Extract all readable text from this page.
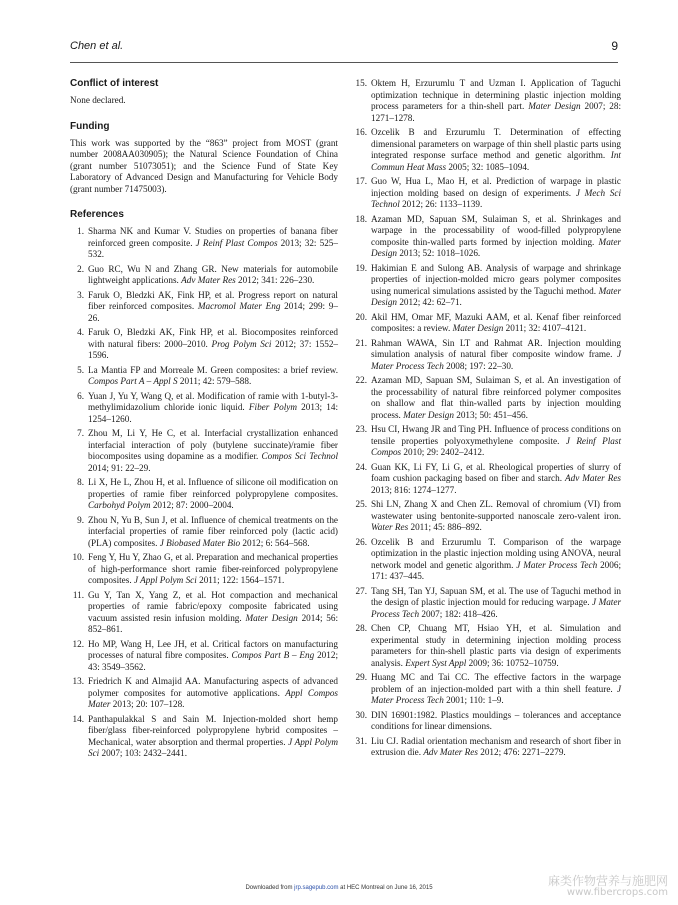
Chen et al.	9
Conflict of interest

None declared.

Funding

This work was supported by the “863” project from MOST (grant number 2008AA030905); the Natural Science Foundation of China (grant number 51073051); and the Science Fund of State Key Laboratory of Advanced Design and Manufacturing for Vehicle Body (grant number 71475003).

References
1. Sharma NK and Kumar V. Studies on properties of banana fiber reinforced green composite. J Reinf Plast Compos 2013; 32: 525–532.
2. Guo RC, Wu N and Zhang GR. New materials for automobile lightweight applications. Adv Mater Res 2012; 341: 226–230.
3. Faruk O, Bledzki AK, Fink HP, et al. Progress report on natural fiber reinforced composites. Macromol Mater Eng 2014; 299: 9–26.
4. Faruk O, Bledzki AK, Fink HP, et al. Biocomposites reinforced with natural fibers: 2000–2010. Prog Polym Sci 2012; 37: 1552–1596.
5. La Mantia FP and Morreale M. Green composites: a brief review. Compos Part A – Appl S 2011; 42: 579–588.
6. Yuan J, Yu Y, Wang Q, et al. Modification of ramie with 1-butyl-3-methylimidazolium chloride ionic liquid. Fiber Polym 2013; 14: 1254–1260.
7. Zhou M, Li Y, He C, et al. Interfacial crystallization enhanced interfacial interaction of poly (butylene succinate)/ramie fiber biocomposites using dopamine as a modifier. Compos Sci Technol 2014; 91: 22–29.
8. Li X, He L, Zhou H, et al. Influence of silicone oil modification on properties of ramie fiber reinforced polypropylene composites. Carbohyd Polym 2012; 87: 2000–2004.
9. Zhou N, Yu B, Sun J, et al. Influence of chemical treatments on the interfacial properties of ramie fiber reinforced poly (lactic acid)(PLA) composites. J Biobased Mater Bio 2012; 6: 564–568.
10. Feng Y, Hu Y, Zhao G, et al. Preparation and mechanical properties of high-performance short ramie fiber-reinforced polypropylene composites. J Appl Polym Sci 2011; 122: 1564–1571.
11. Gu Y, Tan X, Yang Z, et al. Hot compaction and mechanical properties of ramie fabric/epoxy composite fabricated using vacuum assisted resin infusion molding. Mater Design 2014; 56: 852–861.
12. Ho MP, Wang H, Lee JH, et al. Critical factors on manufacturing processes of natural fibre composites. Compos Part B – Eng 2012; 43: 3549–3562.
13. Friedrich K and Almajid AA. Manufacturing aspects of advanced polymer composites for automotive applications. Appl Compos Mater 2013; 20: 107–128.
14. Panthapulakkal S and Sain M. Injection-molded short hemp fiber/glass fiber-reinforced polypropylene hybrid composites – Mechanical, water absorption and thermal properties. J Appl Polym Sci 2007; 103: 2432–2441.
15. Oktem H, Erzurumlu T and Uzman I. Application of Taguchi optimization technique in determining plastic injection molding process parameters for a thin-shell part. Mater Design 2007; 28: 1271–1278.
16. Ozcelik B and Erzurumlu T. Determination of effecting dimensional parameters on warpage of thin shell plastic parts using integrated response surface method and genetic algorithm. Int Commun Heat Mass 2005; 32: 1085–1094.
17. Guo W, Hua L, Mao H, et al. Prediction of warpage in plastic injection molding based on design of experiments. J Mech Sci Technol 2012; 26: 1133–1139.
18. Azaman MD, Sapuan SM, Sulaiman S, et al. Shrinkages and warpage in the processability of wood-filled polypropylene composite thin-walled parts formed by injection molding. Mater Design 2013; 52: 1018–1026.
19. Hakimian E and Sulong AB. Analysis of warpage and shrinkage properties of injection-molded micro gears polymer composites using numerical simulations assisted by the Taguchi method. Mater Design 2012; 42: 62–71.
20. Akil HM, Omar MF, Mazuki AAM, et al. Kenaf fiber reinforced composites: a review. Mater Design 2011; 32: 4107–4121.
21. Rahman WAWA, Sin LT and Rahmat AR. Injection moulding simulation analysis of natural fiber composite window frame. J Mater Process Tech 2008; 197: 22–30.
22. Azaman MD, Sapuan SM, Sulaiman S, et al. An investigation of the processability of natural fibre reinforced polymer composites on shallow and flat thin-walled parts by injection moulding process. Mater Design 2013; 50: 451–456.
23. Hsu CI, Hwang JR and Ting PH. Influence of process conditions on tensile properties polyoxymethylene composite. J Reinf Plast Compos 2010; 29: 2402–2412.
24. Guan KK, Li FY, Li G, et al. Rheological properties of slurry of foam cushion packaging based on fiber and starch. Adv Mater Res 2013; 816: 1274–1277.
25. Shi LN, Zhang X and Chen ZL. Removal of chromium (VI) from wastewater using bentonite-supported nanoscale zero-valent iron. Water Res 2011; 45: 886–892.
26. Ozcelik B and Erzurumlu T. Comparison of the warpage optimization in the plastic injection molding using ANOVA, neural network model and genetic algorithm. J Mater Process Tech 2006; 171: 437–445.
27. Tang SH, Tan YJ, Sapuan SM, et al. The use of Taguchi method in the design of plastic injection mould for reducing warpage. J Mater Process Tech 2007; 182: 418–426.
28. Chen CP, Chuang MT, Hsiao YH, et al. Simulation and experimental study in determining injection molding process parameters for thin-shell plastic parts via design of experiments analysis. Expert Syst Appl 2009; 36: 10752–10759.
29. Huang MC and Tai CC. The effective factors in the warpage problem of an injection-molded part with a thin shell feature. J Mater Process Tech 2001; 110: 1–9.
30. DIN 16901:1982. Plastics mouldings – tolerances and acceptance conditions for linear dimensions.
31. Liu CJ. Radial orientation mechanism and research of short fiber in extrusion die. Adv Mater Res 2012; 476: 2271–2279.
Downloaded from jrp.sagepub.com at HEC Montreal on June 16, 2015	麻类作物营养与施肥网
www.fibercrops.com
